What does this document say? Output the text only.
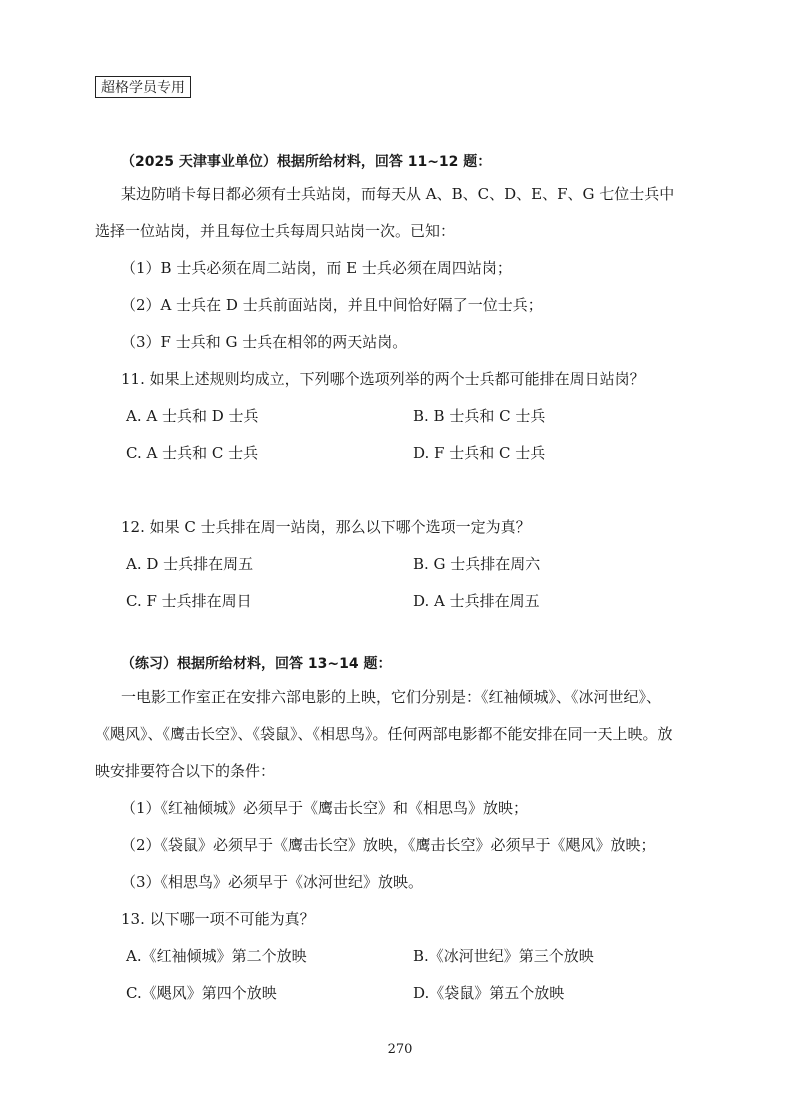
超格学员专用
（2025 天津事业单位）根据所给材料，回答 11~12 题：
某边防哨卡每日都必须有士兵站岗，而每天从 A、B、C、D、E、F、G 七位士兵中选择一位站岗，并且每位士兵每周只站岗一次。已知：
（1）B 士兵必须在周二站岗，而 E 士兵必须在周四站岗；
（2）A 士兵在 D 士兵前面站岗，并且中间恰好隔了一位士兵；
（3）F 士兵和 G 士兵在相邻的两天站岗。
11. 如果上述规则均成立，下列哪个选项列举的两个士兵都可能排在周日站岗？
A. A 士兵和 D 士兵	B. B 士兵和 C 士兵
C. A 士兵和 C 士兵	D. F 士兵和 C 士兵
12. 如果 C 士兵排在周一站岗，那么以下哪个选项一定为真？
A. D 士兵排在周五	B. G 士兵排在周六
C. F 士兵排在周日	D. A 士兵排在周五
（练习）根据所给材料，回答 13~14 题：
一电影工作室正在安排六部电影的上映，它们分别是：《红袖倾城》、《冰河世纪》、《飓风》、《鹰击长空》、《袋鼠》、《相思鸟》。任何两部电影都不能安排在同一天上映。放映安排要符合以下的条件：
（1）《红袖倾城》必须早于《鹰击长空》和《相思鸟》放映；
（2）《袋鼠》必须早于《鹰击长空》放映，《鹰击长空》必须早于《飓风》放映；
（3）《相思鸟》必须早于《冰河世纪》放映。
13. 以下哪一项不可能为真？
A.《红袖倾城》第二个放映	B.《冰河世纪》第三个放映
C.《飓风》第四个放映	D.《袋鼠》第五个放映
270
